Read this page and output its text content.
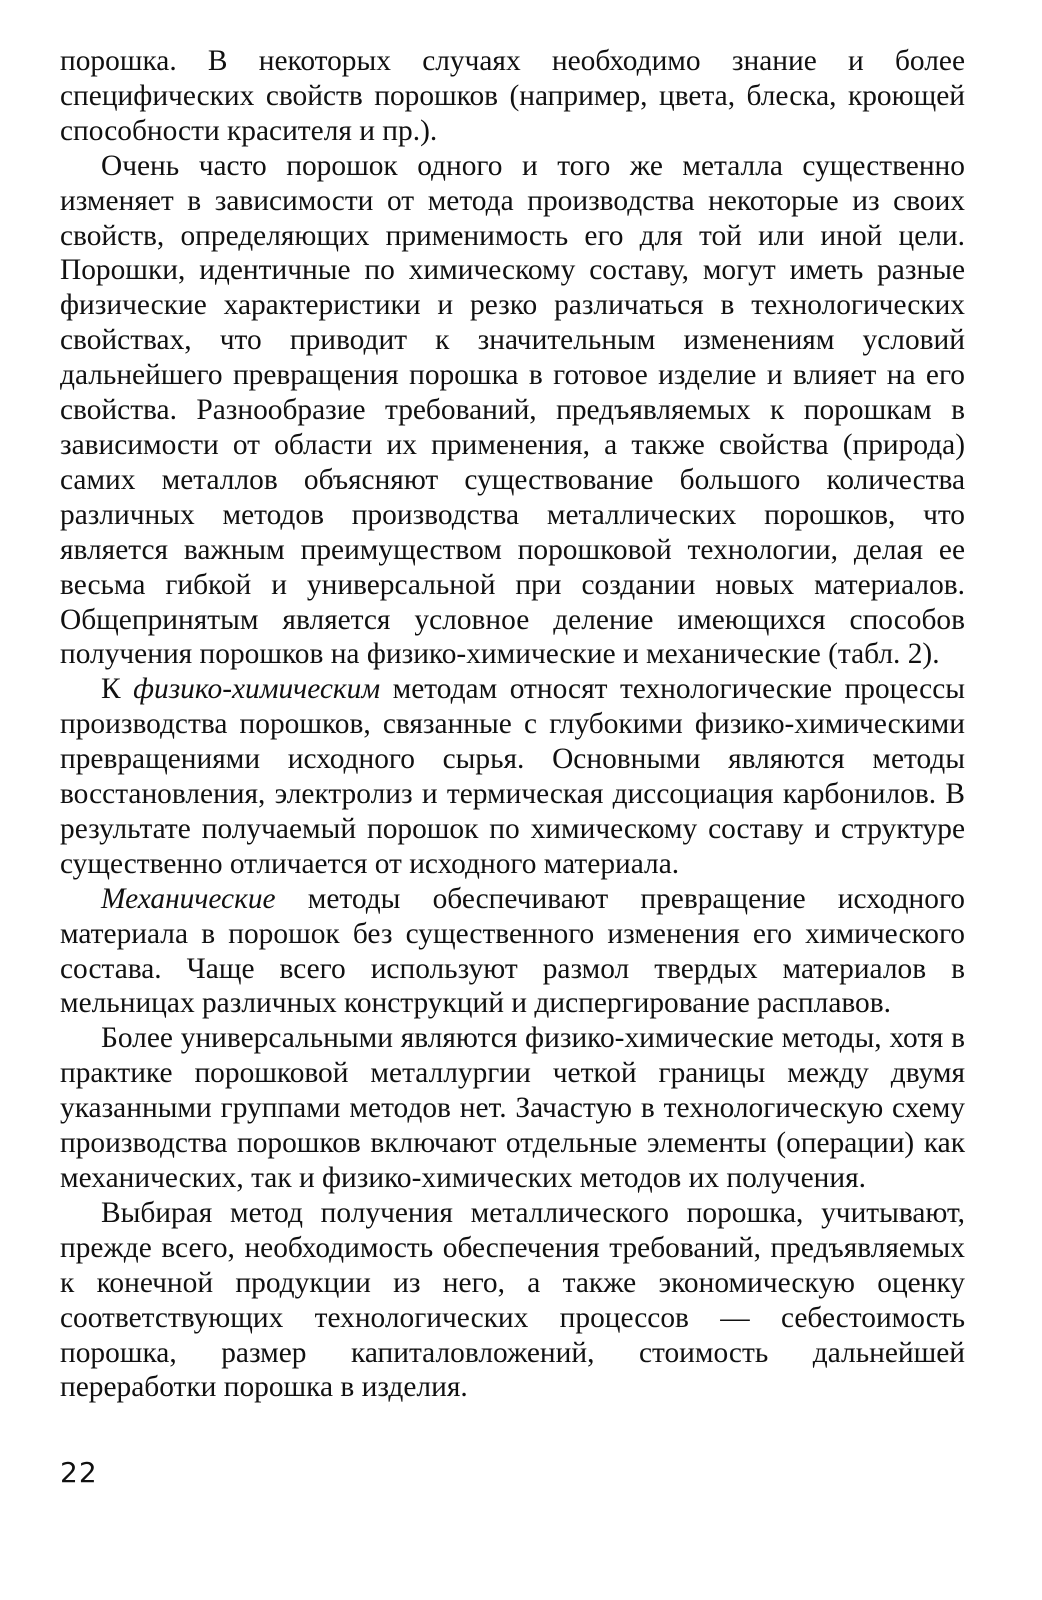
порошка. В некоторых случаях необходимо знание и более специфических свойств порошков (например, цвета, блеска, кроющей способности красителя и пр.).

Очень часто порошок одного и того же металла существенно изменяет в зависимости от метода производства некоторые из своих свойств, определяющих применимость его для той или иной цели. Порошки, идентичные по химическому составу, могут иметь разные физические характеристики и резко различаться в технологических свойствах, что приводит к значительным изменениям условий дальнейшего превращения порошка в готовое изделие и влияет на его свойства. Разнообразие требований, предъявляемых к порошкам в зависимости от области их применения, а также свойства (природа) самих металлов объясняют существование большого количества различных методов производства металлических порошков, что является важным преимуществом порошковой технологии, делая ее весьма гибкой и универсальной при создании новых материалов. Общепринятым является условное деление имеющихся способов получения порошков на физико-химические и механические (табл. 2).

К физико-химическим методам относят технологические процессы производства порошков, связанные с глубокими физико-химическими превращениями исходного сырья. Основными являются методы восстановления, электролиз и термическая диссоциация карбонилов. В результате получаемый порошок по химическому составу и структуре существенно отличается от исходного материала.

Механические методы обеспечивают превращение исходного материала в порошок без существенного изменения его химического состава. Чаще всего используют размол твердых материалов в мельницах различных конструкций и диспергирование расплавов.

Более универсальными являются физико-химические методы, хотя в практике порошковой металлургии четкой границы между двумя указанными группами методов нет. Зачастую в технологическую схему производства порошков включают отдельные элементы (операции) как механических, так и физико-химических методов их получения.

Выбирая метод получения металлического порошка, учитывают, прежде всего, необходимость обеспечения требований, предъявляемых к конечной продукции из него, а также экономическую оценку соответствующих технологических процессов — себестоимость порошка, размер капиталовложений, стоимость дальнейшей переработки порошка в изделия.

22
